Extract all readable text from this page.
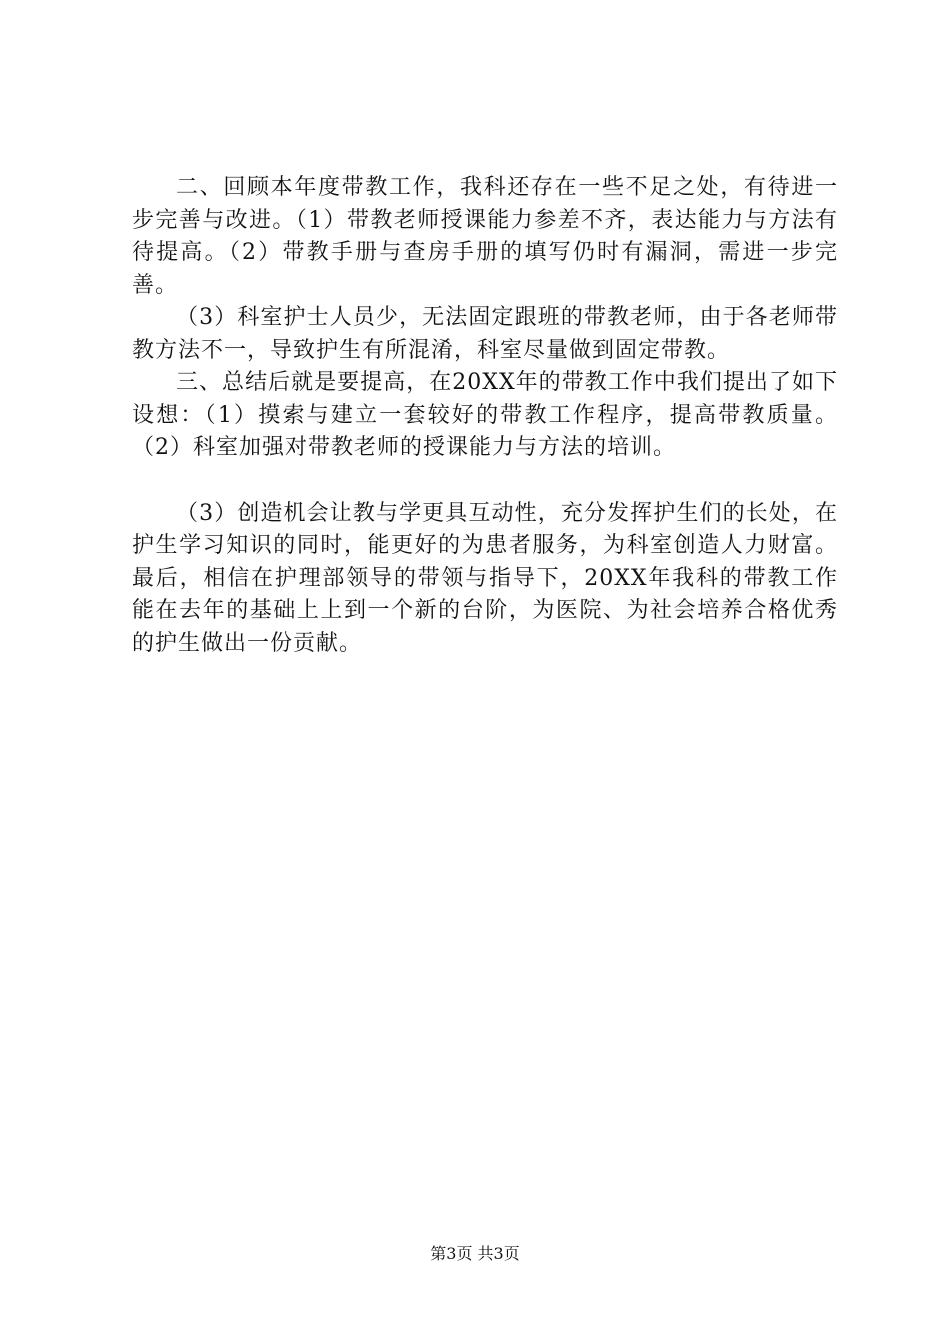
二、回顾本年度带教工作，我科还存在一些不足之处，有待进一步完善与改进。（1）带教老师授课能力参差不齐，表达能力与方法有待提高。（2）带教手册与查房手册的填写仍时有漏洞，需进一步完善。

（3）科室护士人员少，无法固定跟班的带教老师，由于各老师带教方法不一，导致护生有所混淆，科室尽量做到固定带教。

三、总结后就是要提高，在20XX年的带教工作中我们提出了如下设想：（1）摸索与建立一套较好的带教工作程序，提高带教质量。（2）科室加强对带教老师的授课能力与方法的培训。

（3）创造机会让教与学更具互动性，充分发挥护生们的长处，在护生学习知识的同时，能更好的为患者服务，为科室创造人力财富。最后，相信在护理部领导的带领与指导下，20XX年我科的带教工作能在去年的基础上上到一个新的台阶，为医院、为社会培养合格优秀的护生做出一份贡献。

第3页 共3页
